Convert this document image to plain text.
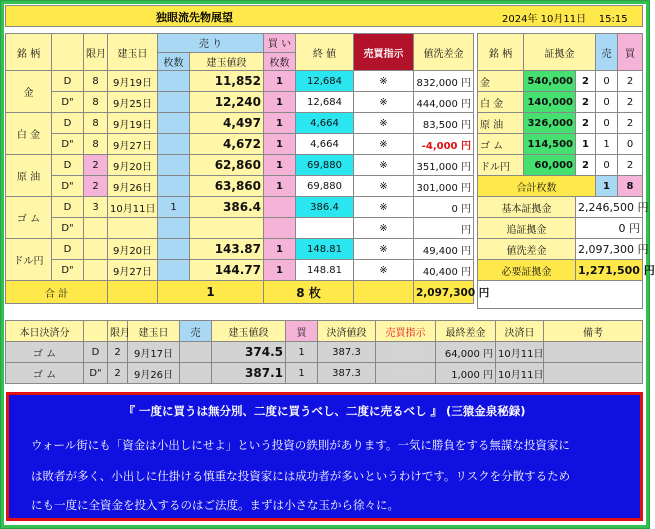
独眼流先物展望	2024年 10月11日 15:15
銘 柄		限月	建玉日	売 り		買 い	終 値	売買指示	値洗差金
				枚数	建玉値段	枚数			
金	D	8	9月19日		11,852	1	12,684	※	832,000 円
	D"	8	9月25日		12,240	1	12,684	※	444,000 円
白 金	D	8	9月19日		4,497	1	4,664	※	83,500 円
	D"	8	9月27日		4,672	1	4,664	※	-4,000 円
原 油	D	2	9月20日		62,860	1	69,880	※	351,000 円
	D"	2	9月26日		63,860	1	69,880	※	301,000 円
ゴ ム	D	3	10月11日	1	386.4		386.4	※	0 円
	D"							※	円
ドル円	D		9月20日		143.87	1	148.81	※	49,400 円
	D"		9月27日		144.77	1	148.81	※	40,400 円
合 計				1		8 枚			2,097,300 円
銘 柄	証拠金		売	買
金	540,000	2	0	2
白 金	140,000	2	0	2
原 油	326,000	2	0	2
ゴ ム	114,500	1	1	0
ドル円	60,000	2	0	2
合計枚数			1	8
基本証拠金		2,246,500 円		
追証拠金		0 円		
値洗差金		2,097,300 円		
必要証拠金		1,271,500 円		

本日決済分		限月	建玉日	売	建玉値段	買	決済値段	売買指示	最終差金	決済日	備考
ゴ ム	D	2	9月17日		374.5	1	387.3	391.6	64,000 円	10月11日	
ゴ ム	D"	2	9月26日		387.1	1	387.3	391.6	1,000 円	10月11日	
『 一度に買うは無分別、二度に買うべし、二度に売るべし 』 (三猿金泉秘録)
ウォール街にも「資金は小出しにせよ」という投資の鉄則があります。一気に勝負をする無謀な投資家に
は敗者が多く、小出しに仕掛ける慎重な投資家には成功者が多いというわけです。リスクを分散するため
にも一度に全資金を投入するのはご法度。まずは小さな玉から徐々に。
